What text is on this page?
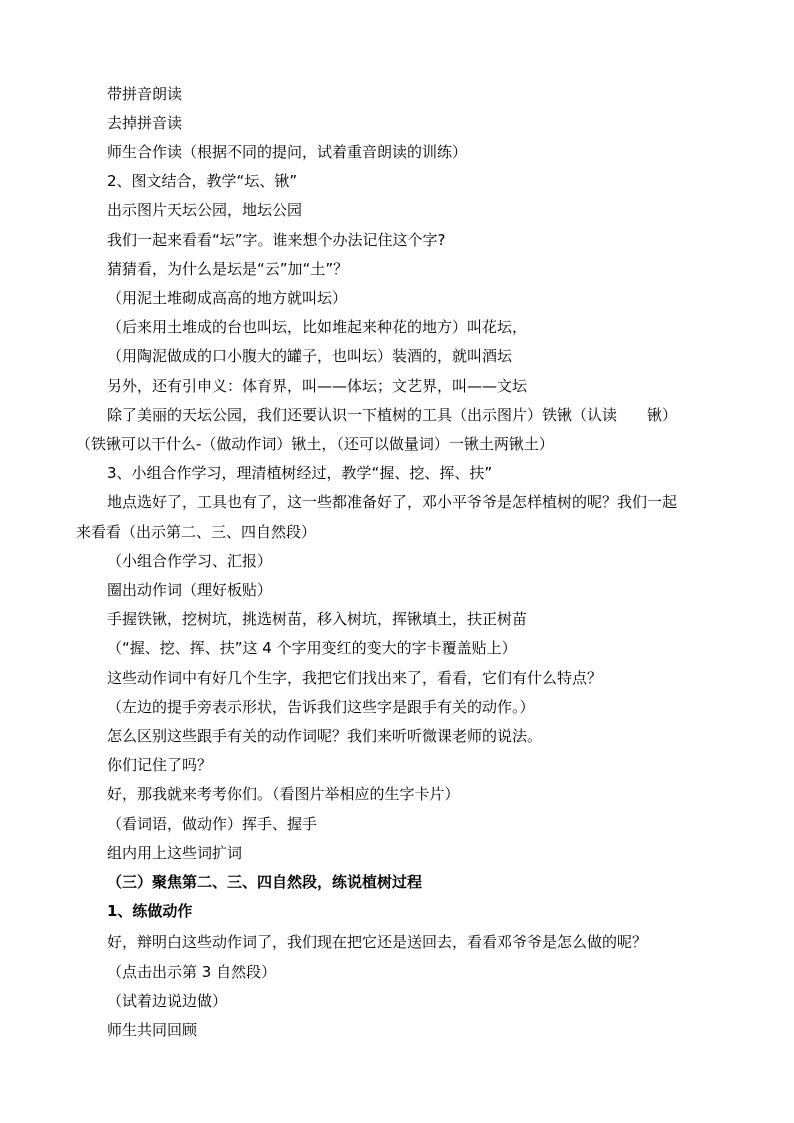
带拼音朗读
去掉拼音读
师生合作读（根据不同的提问，试着重音朗读的训练）
2、图文结合，教学“坛、锹”
出示图片天坛公园，地坛公园
我们一起来看看“坛”字。谁来想个办法记住这个字?
猜猜看，为什么是坛是“云”加“土”？
（用泥土堆砌成高高的地方就叫坛）
（后来用土堆成的台也叫坛，比如堆起来种花的地方）叫花坛，
（用陶泥做成的口小腹大的罐子，也叫坛）装酒的，就叫酒坛
另外，还有引申义：体育界，叫——体坛；文艺界，叫——文坛
除了美丽的天坛公园，我们还要认识一下植树的工具（出示图片）铁锹（认读　　锹）
（铁锹可以干什么-（做动作词）锹土，（还可以做量词）一锹土两锹土）
3、小组合作学习，理清植树经过，教学“握、挖、挥、扶”
地点选好了，工具也有了，这一些都准备好了，邓小平爷爷是怎样植树的呢？我们一起
来看看（出示第二、三、四自然段）
（小组合作学习、汇报）
圈出动作词（理好板贴）
手握铁锹，挖树坑，挑选树苗，移入树坑，挥锹填土，扶正树苗
（“握、挖、挥、扶”这 4 个字用变红的变大的字卡覆盖贴上）
这些动作词中有好几个生字，我把它们找出来了，看看，它们有什么特点？
（左边的提手旁表示形状，告诉我们这些字是跟手有关的动作。）
怎么区别这些跟手有关的动作词呢？我们来听听微课老师的说法。
你们记住了吗？
好，那我就来考考你们。（看图片举相应的生字卡片）
（看词语，做动作）挥手、握手
组内用上这些词扩词
（三）聚焦第二、三、四自然段，练说植树过程
1、练做动作
好，辩明白这些动作词了，我们现在把它还是送回去，看看邓爷爷是怎么做的呢？
（点击出示第 3 自然段）
（试着边说边做）
师生共同回顾
